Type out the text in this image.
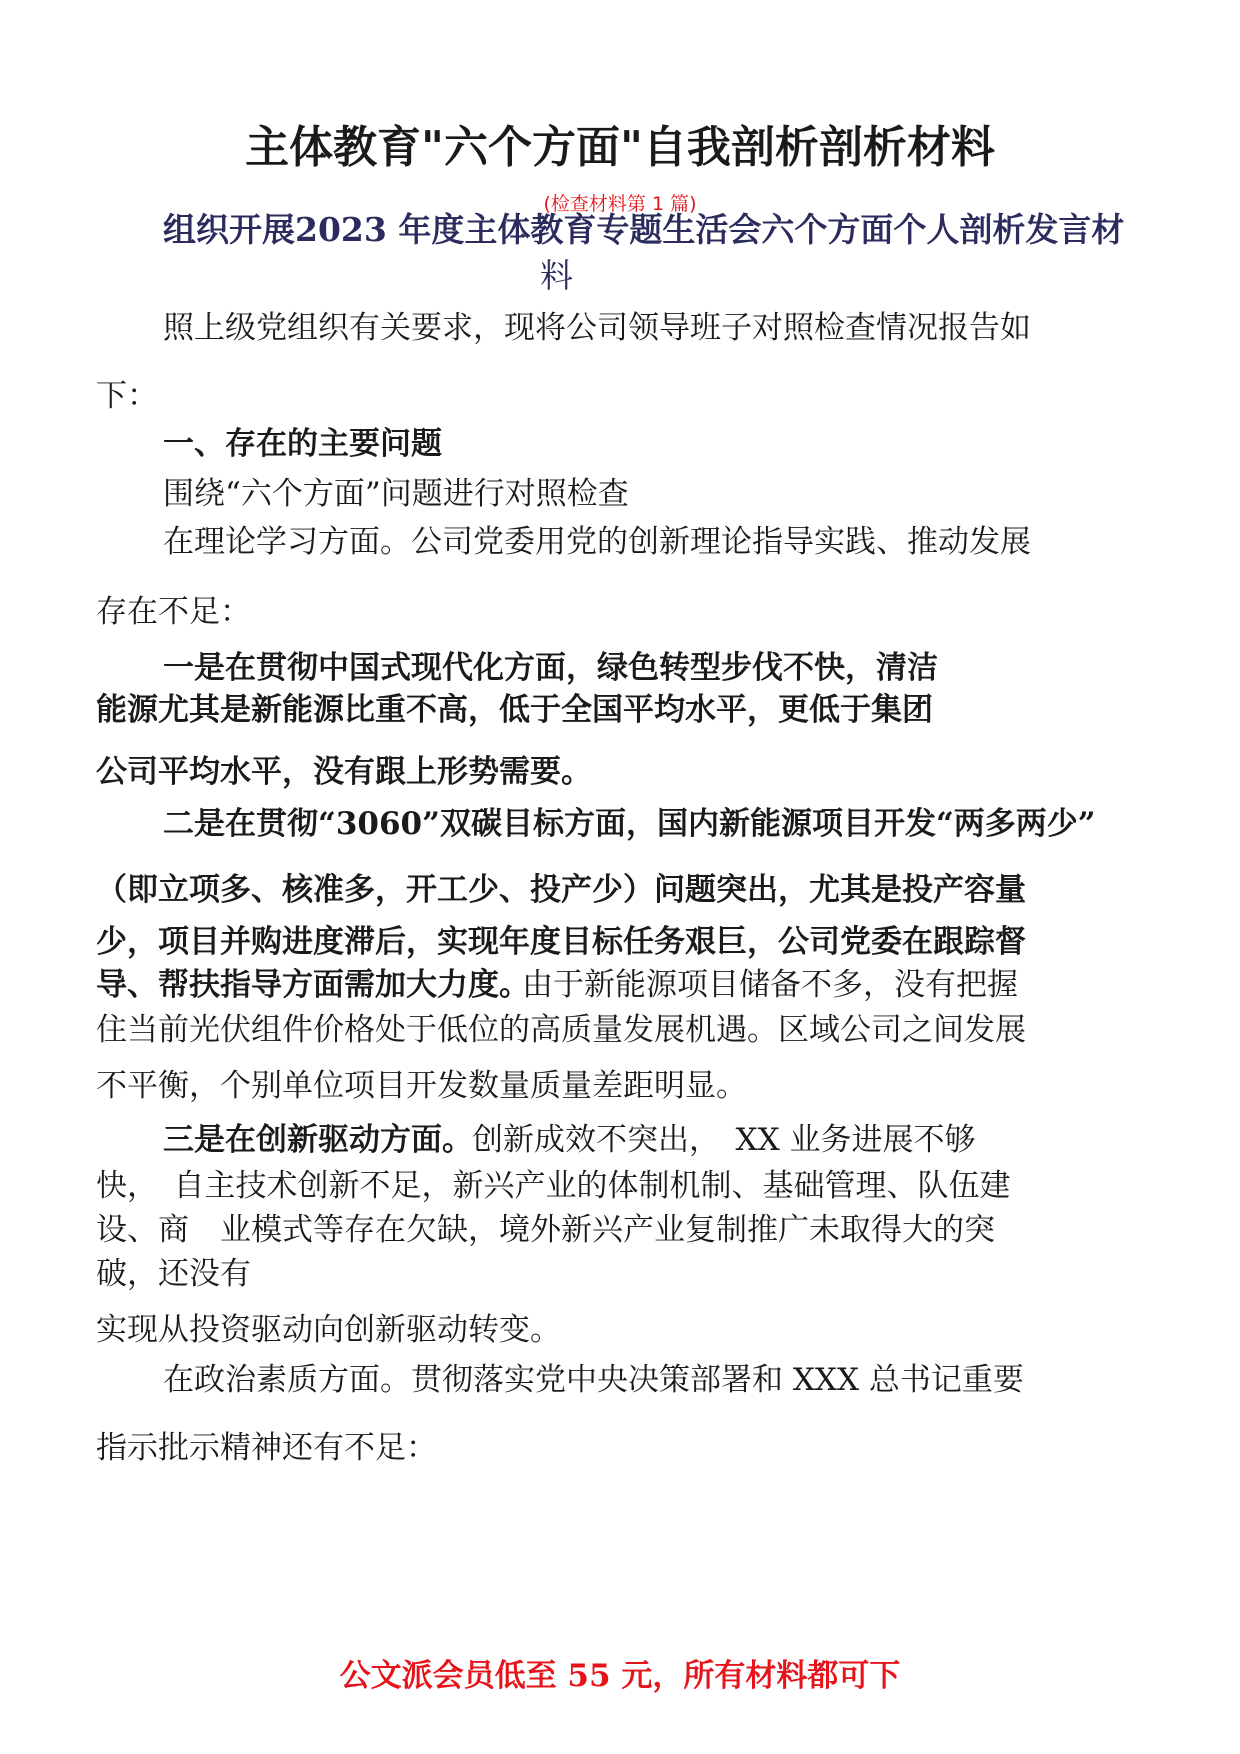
主体教育"六个方面"自我剖析剖析材料
(检查材料第 1 篇)
组织开展2023 年度主体教育专题生活会六个方面个人剖析发言材
料
照上级党组织有关要求，现将公司领导班子对照检查情况报告如
下：
一、存在的主要问题
围绕“六个方面”问题进行对照检查
在理论学习方面。公司党委用党的创新理论指导实践、推动发展
存在不足：
一是在贯彻中国式现代化方面，绿色转型步伐不快，清洁
能源尤其是新能源比重不高，低于全国平均水平，更低于集团
公司平均水平，没有跟上形势需要。
二是在贯彻“3060”双碳目标方面，国内新能源项目开发“两多两少”
（即立项多、核准多，开工少、投产少）问题突出，尤其是投产容量
少，项目并购进度滞后，实现年度目标任务艰巨，公司党委在跟踪督
导、帮扶指导方面需加大力度。
由于新能源项目储备不多，没有把握
住当前光伏组件价格处于低位的高质量发展机遇。区域公司之间发展
不平衡，个别单位项目开发数量质量差距明显。
三是在创新驱动方面。 创新成效不突出，　XX 业务进展不够
快，　自主技术创新不足，新兴产业的体制机制、基础管理、队伍建
设、商　业模式等存在欠缺，境外新兴产业复制推广未取得大的突
破，还没有
实现从投资驱动向创新驱动转变。
在政治素质方面。贯彻落实党中央决策部署和 XXX 总书记重要
指示批示精神还有不足：
公文派会员低至 55 元，所有材料都可下
